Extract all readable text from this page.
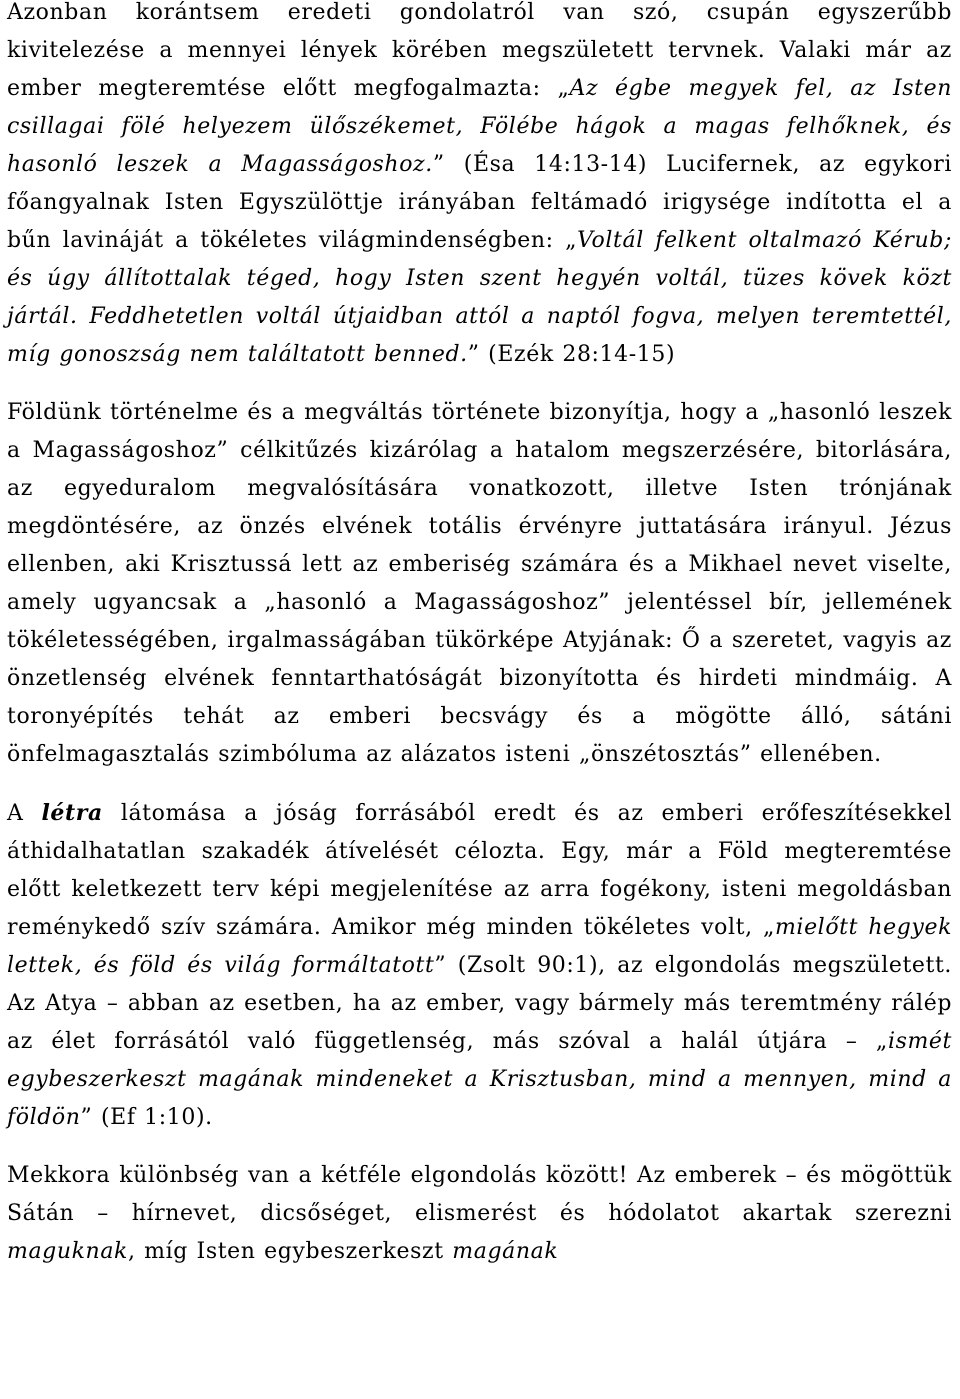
Azonban korántsem eredeti gondolatról van szó, csupán egyszerűbb kivitelezése a mennyei lények körében megszületett tervnek. Valaki már az ember megteremtése előtt megfogalmazta: „Az égbe megyek fel, az Isten csillagai fölé helyezem ülőszékemet, Fölébe hágok a magas felhőknek, és hasonló leszek a Magasságoshoz.” (Ésa 14:13-14) Lucifernek, az egykori főangyalnak Isten Egyszülöttje irányában feltámadó irigysége indította el a bűn lavináját a tökéletes világmindenségben: „Voltál felkent oltalmazó Kérub; és úgy állítottalak téged, hogy Isten szent hegyén voltál, tüzes kövek közt jártál. Feddhetetlen voltál útjaidban attól a naptól fogva, melyen teremtettél, míg gonoszság nem találtatott benned.” (Ezék 28:14-15)

Földünk történelme és a megváltás története bizonyítja, hogy a „hasonló leszek a Magasságoshoz” célkitűzés kizárólag a hatalom megszerzésére, bitorlására, az egyeduralom megvalósítására vonatkozott, illetve Isten trónjának megdöntésére, az önzés elvének totális érvényre juttatására irányul. Jézus ellenben, aki Krisztussá lett az emberiség számára és a Mikhael nevet viselte, amely ugyancsak a „hasonló a Magasságoshoz” jelentéssel bír, jellemének tökéletességében, irgalmasságában tükörképe Atyjának: Ő a szeretet, vagyis az önzetlenség elvének fenntarthatóságát bizonyította és hirdeti mindmáig. A toronyépítés tehát az emberi becsvágy és a mögötte álló, sátáni önfelmagasztalás szimbóluma az alázatos isteni „önszétosztás” ellenében.

A létra látomása a jóság forrásából eredt és az emberi erőfeszítésekkel áthidalhatatlan szakadék átívelését célozta. Egy, már a Föld megteremtése előtt keletkezett terv képi megjelenítése az arra fogékony, isteni megoldásban reménykedő szív számára. Amikor még minden tökéletes volt, „mielőtt hegyek lettek, és föld és világ formáltatott” (Zsolt 90:1), az elgondolás megszületett. Az Atya – abban az esetben, ha az ember, vagy bármely más teremtmény rálép az élet forrásától való függetlenség, más szóval a halál útjára – „ismét egybeszerkeszt magának mindeneket a Krisztusban, mind a mennyen, mind a földön” (Ef 1:10).

Mekkora különbség van a kétféle elgondolás között! Az emberek – és mögöttük Sátán – hírnevet, dicsőséget, elismerést és hódolatot akartak szerezni maguknak, míg Isten egybeszerkeszt magának
